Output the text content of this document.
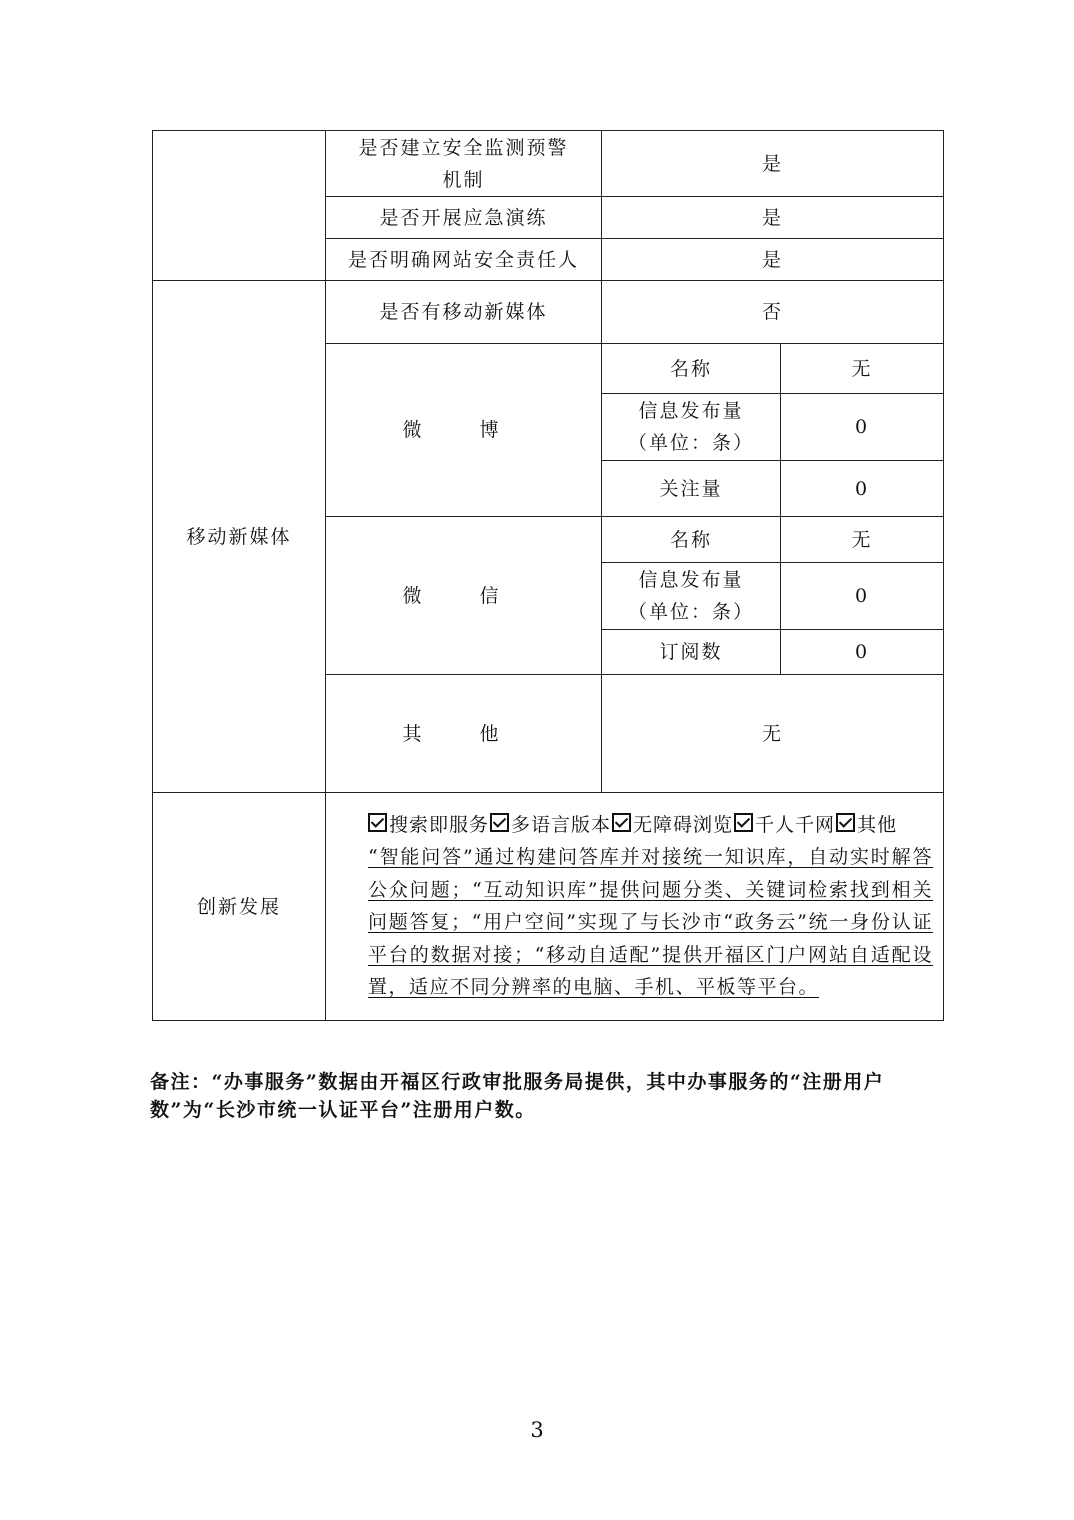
	是否建立安全监测预警
机制	是	
	是否开展应急演练	是	
	是否明确网站安全责任人	是	
移动新媒体	是否有移动新媒体	否	
	微 博	名称	无

		信息发布量
（单位：条）	0
		关注量	0
	微 信	名称	无

		信息发布量
（单位：条）	0
		订阅数	0
	其 他	无	
创新发展	搜索即服务 多语言版本 无障碍浏览 千人千网 其他
“智能问答”通过构建问答库并对接统一知识库，自动实时解答公众问题；“互动知识库”提供问题分类、关键词检索找到相关问题答复；“用户空间”实现了与长沙市“政务云”统一身份认证平台的数据对接；“移动自适配”提供开福区门户网站自适配设置，适应不同分辨率的电脑、手机、平板等平台。		
备注：“办事服务”数据由开福区行政审批服务局提供，其中办事服务的“注册用户数”为“长沙市统一认证平台”注册用户数。
3
